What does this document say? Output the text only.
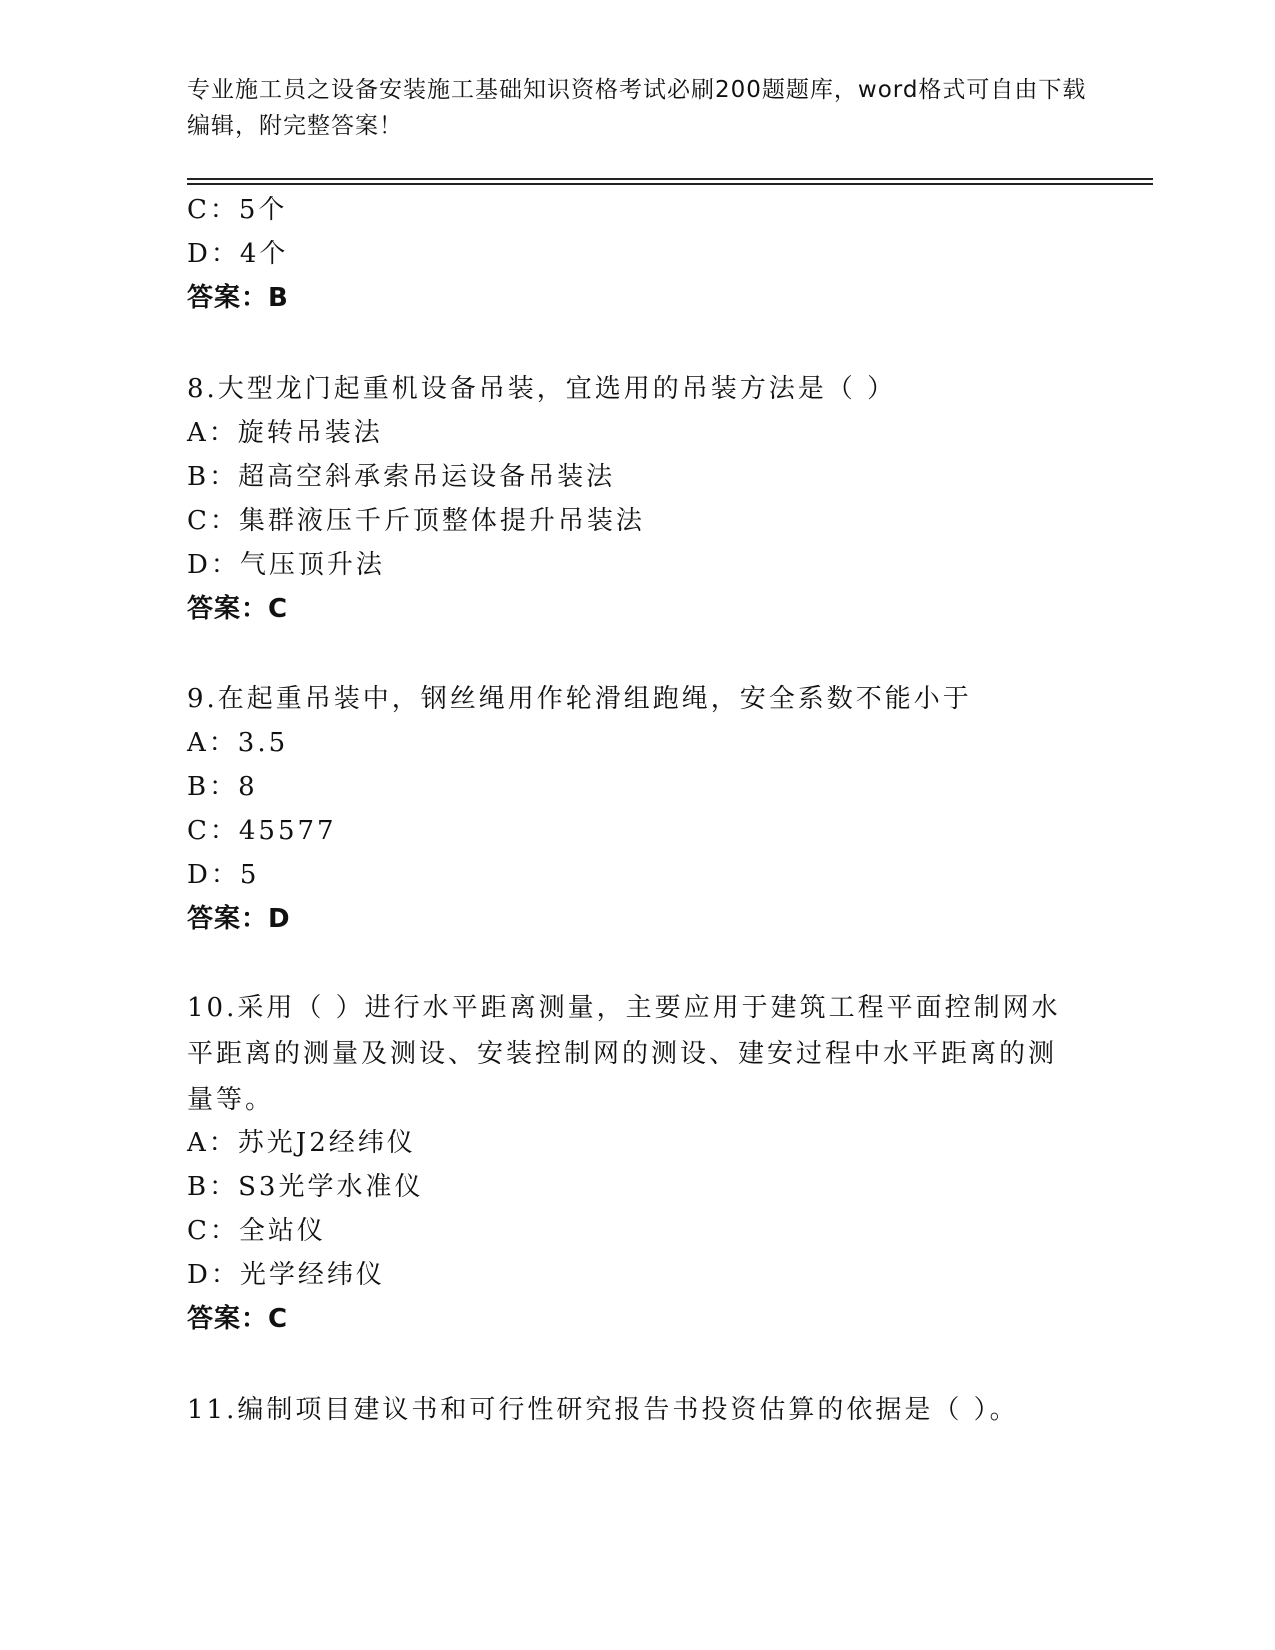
专业施工员之设备安装施工基础知识资格考试必刷200题题库，word格式可自由下载编辑，附完整答案！
C：5个
D：4个
答案：B
8.大型龙门起重机设备吊装，宜选用的吊装方法是（ ）
A：旋转吊装法
B：超高空斜承索吊运设备吊装法
C：集群液压千斤顶整体提升吊装法
D：气压顶升法
答案：C
9.在起重吊装中，钢丝绳用作轮滑组跑绳，安全系数不能小于
A：3.5
B：8
C：45577
D：5
答案：D
10.采用（ ）进行水平距离测量，主要应用于建筑工程平面控制网水平距离的测量及测设、安装控制网的测设、建安过程中水平距离的测量等。
A：苏光J2经纬仪
B：S3光学水准仪
C：全站仪
D：光学经纬仪
答案：C
11.编制项目建议书和可行性研究报告书投资估算的依据是（ ）。
